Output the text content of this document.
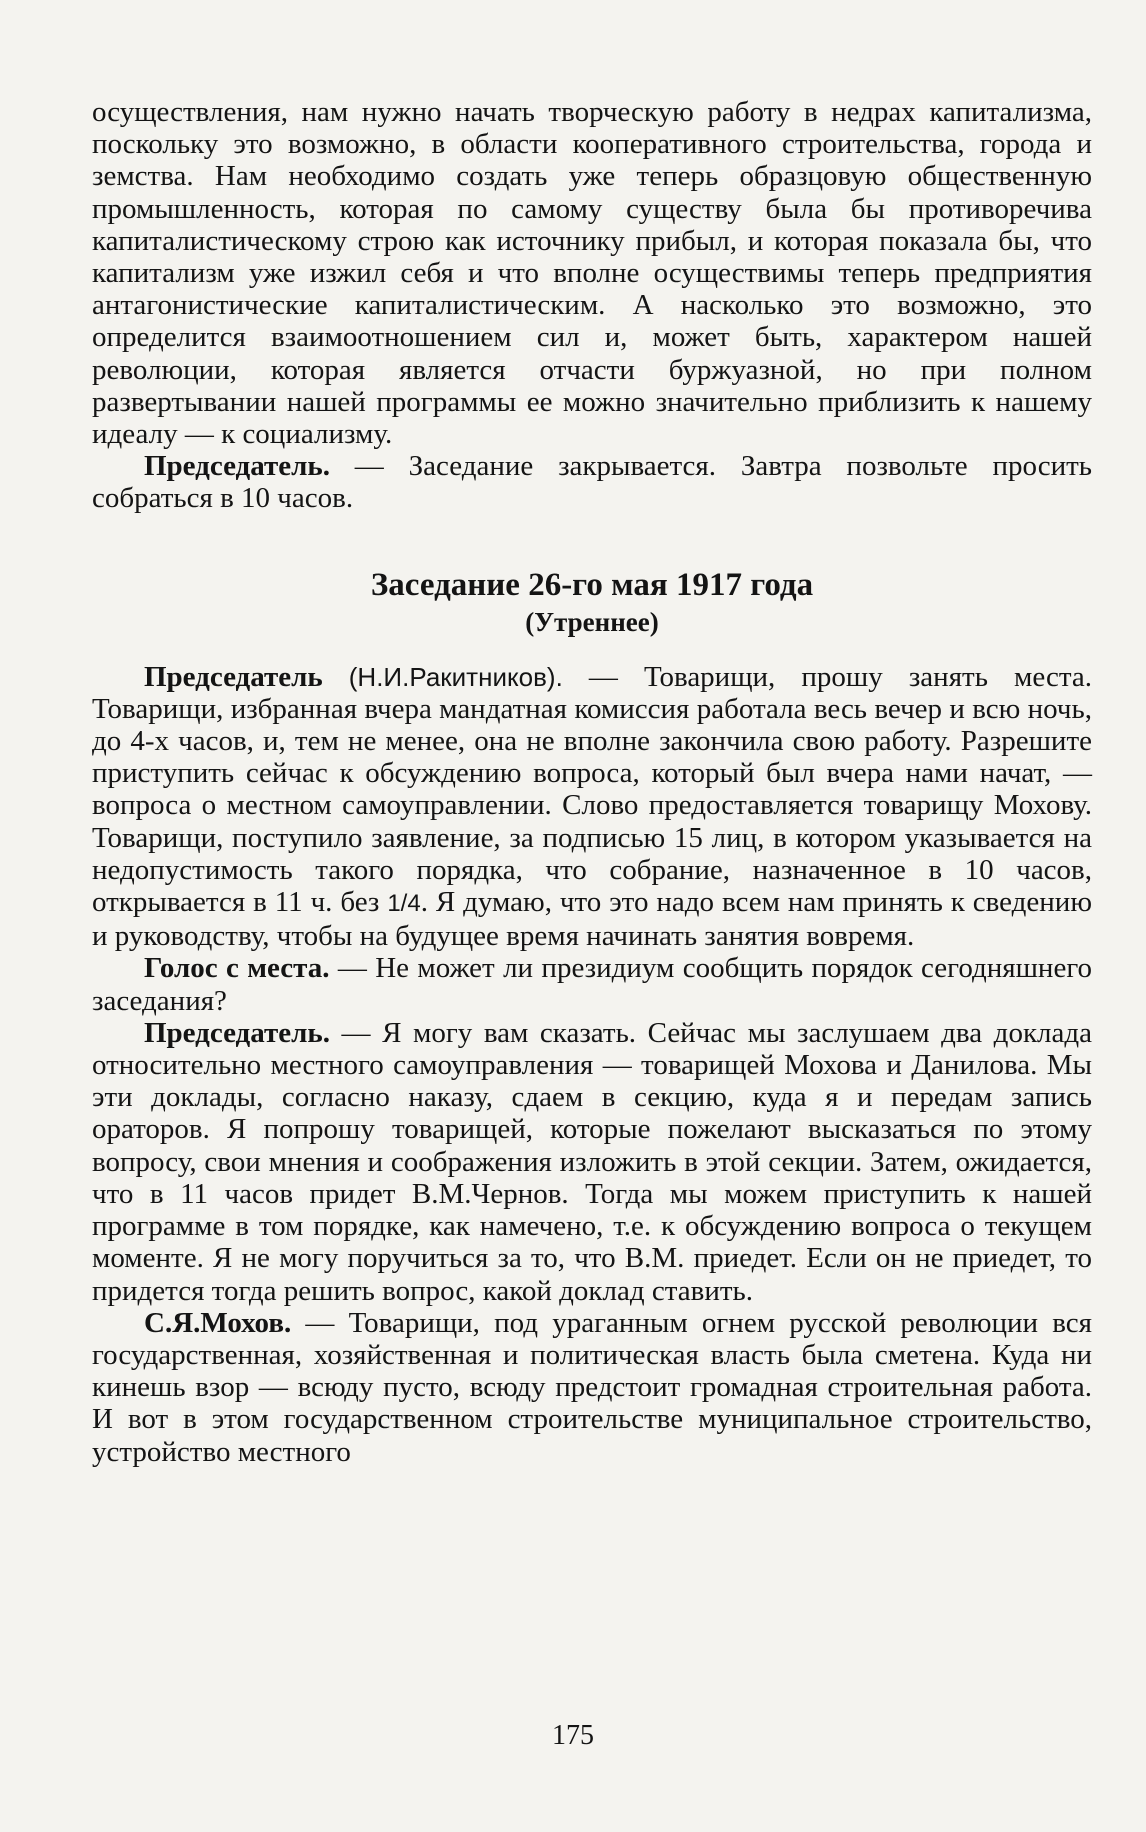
осуществления, нам нужно начать творческую работу в недрах капитализма, поскольку это возможно, в области кооперативного строительства, города и земства. Нам необходимо создать уже теперь образцовую общественную промышленность, которая по самому существу была бы противоречива капиталистическому строю как источнику прибыл, и которая показала бы, что капитализм уже изжил себя и что вполне осуществимы теперь предприятия антагонистические капиталистическим. А насколько это возможно, это определится взаимоотношением сил и, может быть, характером нашей революции, которая является отчасти буржуазной, но при полном развертывании нашей программы ее можно значительно приблизить к нашему идеалу — к социализму.

Председатель. — Заседание закрывается. Завтра позвольте просить собраться в 10 часов.

Заседание 26-го мая 1917 года
(Утреннее)

Председатель (Н.И.Ракитников). — Товарищи, прошу занять места. Товарищи, избранная вчера мандатная комиссия работала весь вечер и всю ночь, до 4-х часов, и, тем не менее, она не вполне закончила свою работу. Разрешите приступить сейчас к обсуждению вопроса, который был вчера нами начат, — вопроса о местном самоуправлении. Слово предоставляется товарищу Мохову. Товарищи, поступило заявление, за подписью 15 лиц, в котором указывается на недопустимость такого порядка, что собрание, назначенное в 10 часов, открывается в 11 ч. без 1/4. Я думаю, что это надо всем нам принять к сведению и руководству, чтобы на будущее время начинать занятия вовремя.

Голос с места. — Не может ли президиум сообщить порядок сегодняшнего заседания?

Председатель. — Я могу вам сказать. Сейчас мы заслушаем два доклада относительно местного самоуправления — товарищей Мохова и Данилова. Мы эти доклады, согласно наказу, сдаем в секцию, куда я и передам запись ораторов. Я попрошу товарищей, которые пожелают высказаться по этому вопросу, свои мнения и соображения изложить в этой секции. Затем, ожидается, что в 11 часов придет В.М.Чернов. Тогда мы можем приступить к нашей программе в том порядке, как намечено, т.е. к обсуждению вопроса о текущем моменте. Я не могу поручиться за то, что В.М. приедет. Если он не приедет, то придется тогда решить вопрос, какой доклад ставить.

С.Я.Мохов. — Товарищи, под ураганным огнем русской революции вся государственная, хозяйственная и политическая власть была сметена. Куда ни кинешь взор — всюду пусто, всюду предстоит громадная строительная работа. И вот в этом государственном строительстве муниципальное строительство, устройство местного

175
